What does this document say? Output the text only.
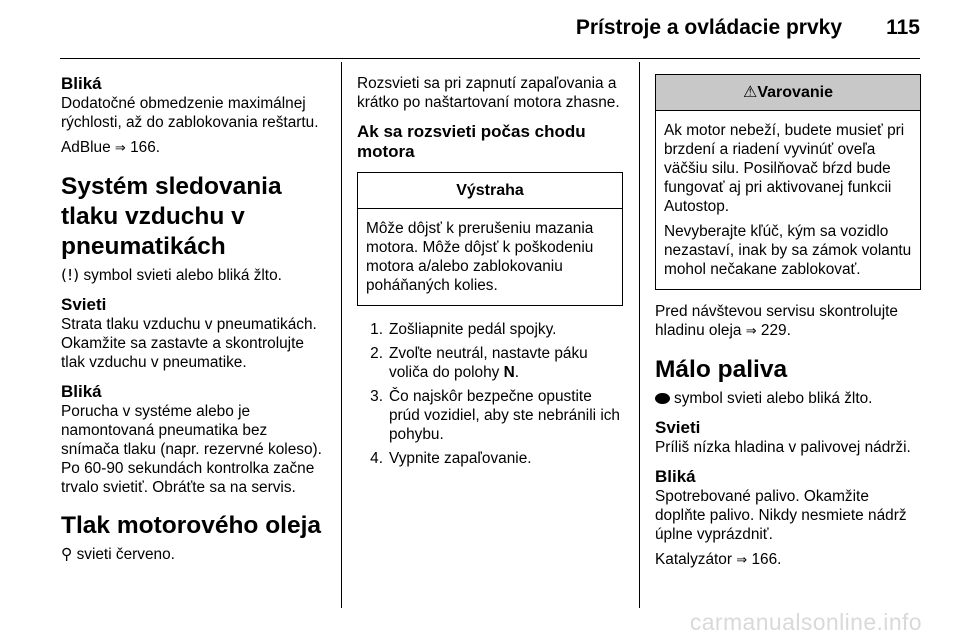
Prístroje a ovládacie prvky 115
Bliká

Dodatočné obmedzenie maximálnej rýchlosti, až do zablokovania reštartu.

AdBlue ⇒ 166.

Systém sledovania tlaku vzduchu v pneumatikách

(!) symbol svieti alebo bliká žlto.

Svieti

Strata tlaku vzduchu v pneumatikách. Okamžite sa zastavte a skontrolujte tlak vzduchu v pneumatike.

Bliká

Porucha v systéme alebo je namontovaná pneumatika bez snímača tlaku (napr. rezervné koleso). Po 60-90 sekundách kontrolka začne trvalo svietiť. Obráťte sa na servis.

Tlak motorového oleja

⚲ svieti červeno.

Rozsvieti sa pri zapnutí zapaľovania a krátko po naštartovaní motora zhasne.

Ak sa rozsvieti počas chodu motora
Výstraha
Môže dôjsť k prerušeniu mazania motora. Môže dôjsť k poškodeniu motora a/alebo zablokovaniu poháňaných kolies.
1. Zošliapnite pedál spojky.
2. Zvoľte neutrál, nastavte páku voliča do polohy N.
3. Čo najskôr bezpečne opustite prúd vozidiel, aby ste nebránili ich pohybu.
4. Vypnite zapaľovanie.
⚠Varovanie

Ak motor nebeží, budete musieť pri brzdení a riadení vyvinúť oveľa väčšiu silu. Posilňovač bŕzd bude fungovať aj pri aktivovanej funkcii Autostop.

Nevyberajte kľúč, kým sa vozidlo nezastaví, inak by sa zámok volantu mohol nečakane zablokovať.

Pred návštevou servisu skontrolujte hladinu oleja ⇒ 229.

Málo paliva

symbol svieti alebo bliká žlto.

Svieti

Príliš nízka hladina v palivovej nádrži.

Bliká

Spotrebované palivo. Okamžite doplňte palivo. Nikdy nesmiete nádrž úplne vyprázdniť.

Katalyzátor ⇒ 166.

carmanualsonline.info
